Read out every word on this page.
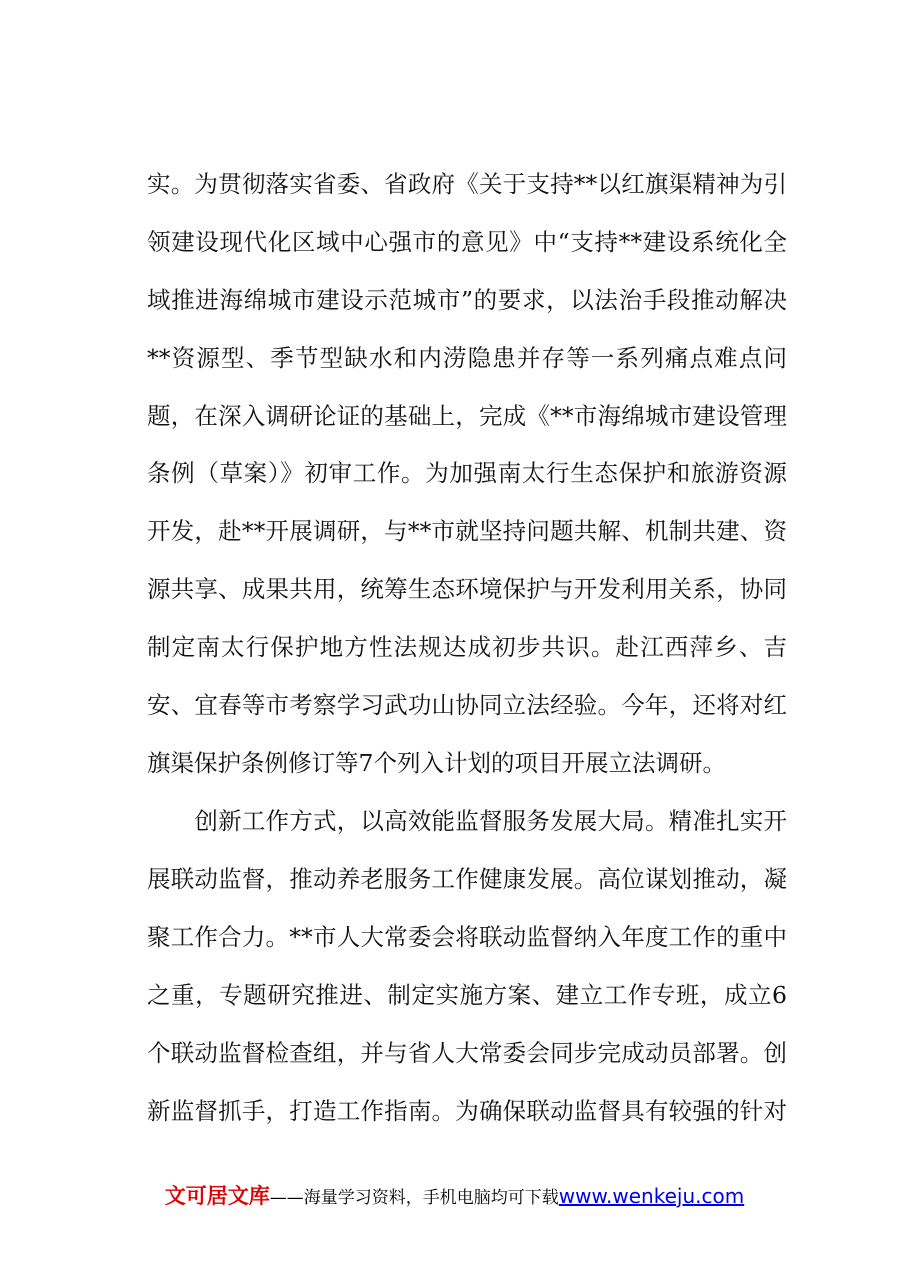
实。为贯彻落实省委、省政府《关于支持**以红旗渠精神为引
领建设现代化区域中心强市的意见》中“支持**建设系统化全
域推进海绵城市建设示范城市”的要求，以法治手段推动解决
**资源型、季节型缺水和内涝隐患并存等一系列痛点难点问
题，在深入调研论证的基础上，完成《**市海绵城市建设管理
条例（草案）》初审工作。为加强南太行生态保护和旅游资源
开发，赴**开展调研，与**市就坚持问题共解、机制共建、资
源共享、成果共用，统筹生态环境保护与开发利用关系，协同
制定南太行保护地方性法规达成初步共识。赴江西萍乡、吉
安、宜春等市考察学习武功山协同立法经验。今年，还将对红
旗渠保护条例修订等7个列入计划的项目开展立法调研。
　　创新工作方式，以高效能监督服务发展大局。精准扎实开
展联动监督，推动养老服务工作健康发展。高位谋划推动，凝
聚工作合力。**市人大常委会将联动监督纳入年度工作的重中
之重，专题研究推进、制定实施方案、建立工作专班，成立6
个联动监督检查组，并与省人大常委会同步完成动员部署。创
新监督抓手，打造工作指南。为确保联动监督具有较强的针对
文可居文库——海量学习资料，手机电脑均可下载www.wenkeju.com
